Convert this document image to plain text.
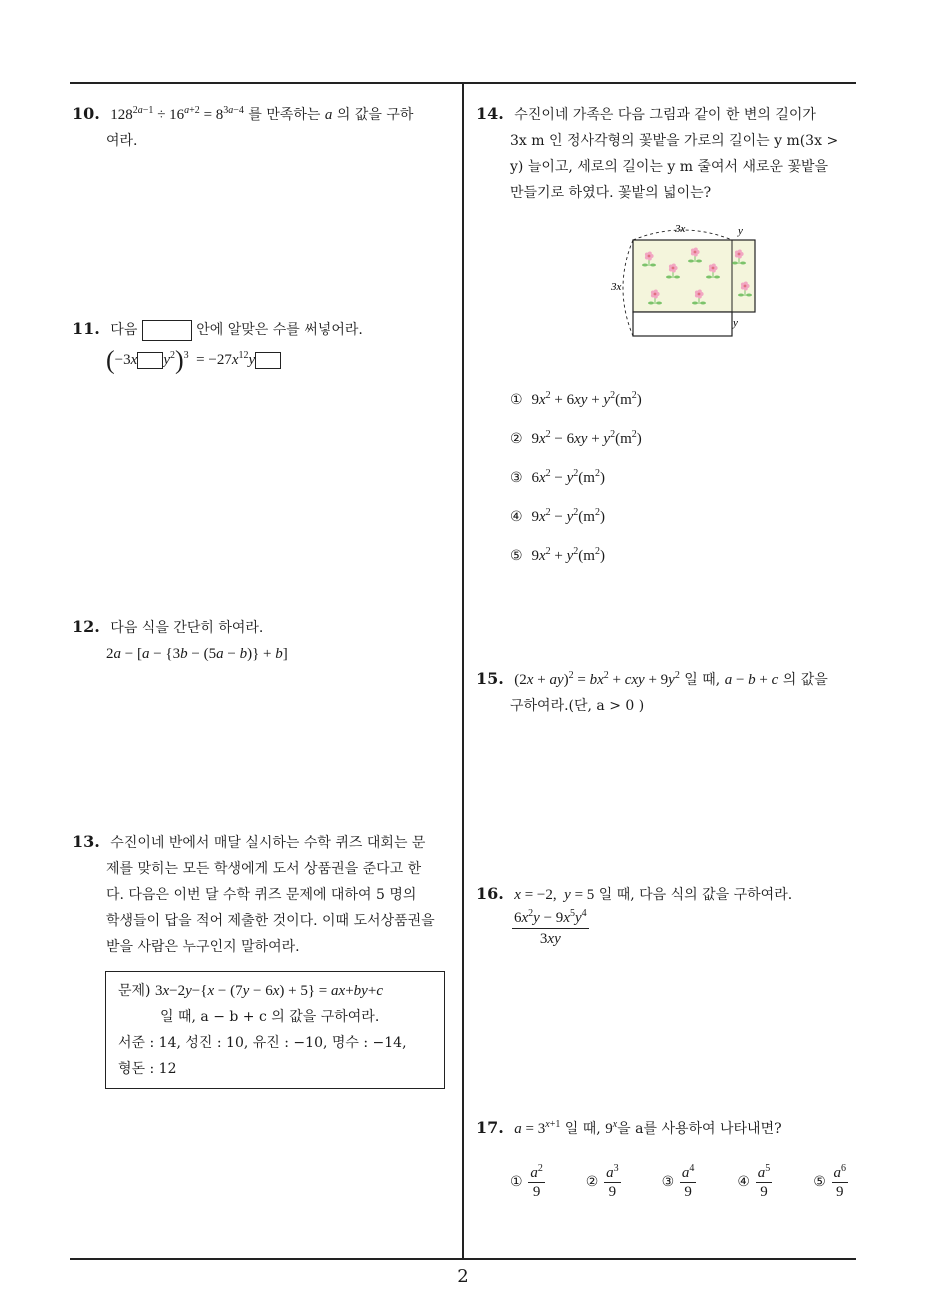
10. $128^{2a-1} \div 16^{a+2} = 8^{3a-4}$ 를 만족하는 a 의 값을 구하
여라.
11. 다음	안에 알맞은 수를 써넣어라.
(−3x $y^2)^3 = -27x^{12}y$
12. 다음 식을 간단히 하여라.
2a − [a − {3b − (5a − b)} + b]
13. 수진이네 반에서 매달 실시하는 수학 퀴즈 대회는 문
제를 맞히는 모든 학생에게 도서 상품권을 준다고 한
다. 다음은 이번 달 수학 퀴즈 문제에 대하여 5 명의
학생들이 답을 적어 제출한 것이다. 이때 도서상품권을
받을 사람은 누구인지 말하여라.
문제) 3x−2y−{x − (7y − 6x) + 5} = ax+by+c
일 때, a − b + c 의 값을 구하여라.
서준 : 14, 성진 : 10, 유진 : −10, 명수 : −14,
형돈 : 12
14. 수진이네 가족은 다음 그림과 같이 한 변의 길이가
3x m 인 정사각형의 꽃밭을 가로의 길이는 y m(3x >
y) 늘이고, 세로의 길이는 y m 줄여서 새로운 꽃밭을
만들기로 하였다. 꽃밭의 넓이는?
3x
3x
y
y
① $9x^2 + 6xy + y^2(m^2)$
② $9x^2 - 6xy + y^2(m^2)$
③ $6x^2 - y^2(m^2)$
④ $9x^2 - y^2(m^2)$
⑤ $9x^2 + y^2(m^2)$
15. $(2x + ay)^2 = bx^2$ + cxy + $9y^2$ 일 때, a − b + c 의 값을
구하여라.(단, a > 0 )
16. x = −2,  y = 5 일 때, 다음 식의 값을 구하여라.
$\frac{6x^2y - 9x^5y^4}{3xy}$
17. $a = 3^{x+1}$ 일 때, 9$^x$을 a를 사용하여 나타내면?
① $\frac{a^2}{9}$	② $\frac{a^3}{9}$	③ $\frac{a^4}{9}$	④ $\frac{a^5}{9}$	⑤ $\frac{a^6}{9}$
2
